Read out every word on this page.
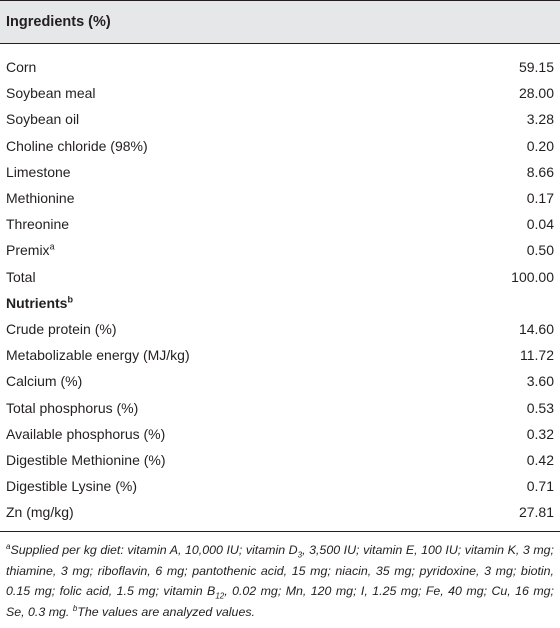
Ingredients (%)
Corn	59.15
Soybean meal	28.00
Soybean oil	3.28
Choline chloride (98%)	0.20
Limestone	8.66
Methionine	0.17
Threonine	0.04
Premix$^a$	0.50
Total	100.00
Nutrients$^b$
Crude protein (%)	14.60
Metabolizable energy (MJ/kg)	11.72
Calcium (%)	3.60
Total phosphorus (%)	0.53
Available phosphorus (%)	0.32
Digestible Methionine (%)	0.42
Digestible Lysine (%)	0.71
Zn (mg/kg)	27.81
$^a$Supplied per kg diet: vitamin A, 10,000 IU; vitamin $D_3$, 3,500 IU; vitamin E, 100 IU; vitamin K, 3 mg; thiamine, 3 mg; riboflavin, 6 mg; pantothenic acid, 15 mg; niacin, 35 mg; pyridoxine, 3 mg; biotin, 0.15 mg; folic acid, 1.5 mg; vitamin $B_{12}$, 0.02 mg; Mn, 120 mg; I, 1.25 mg; Fe, 40 mg; Cu, 16 mg; Se, 0.3 mg. $^b$The values are analyzed values.
